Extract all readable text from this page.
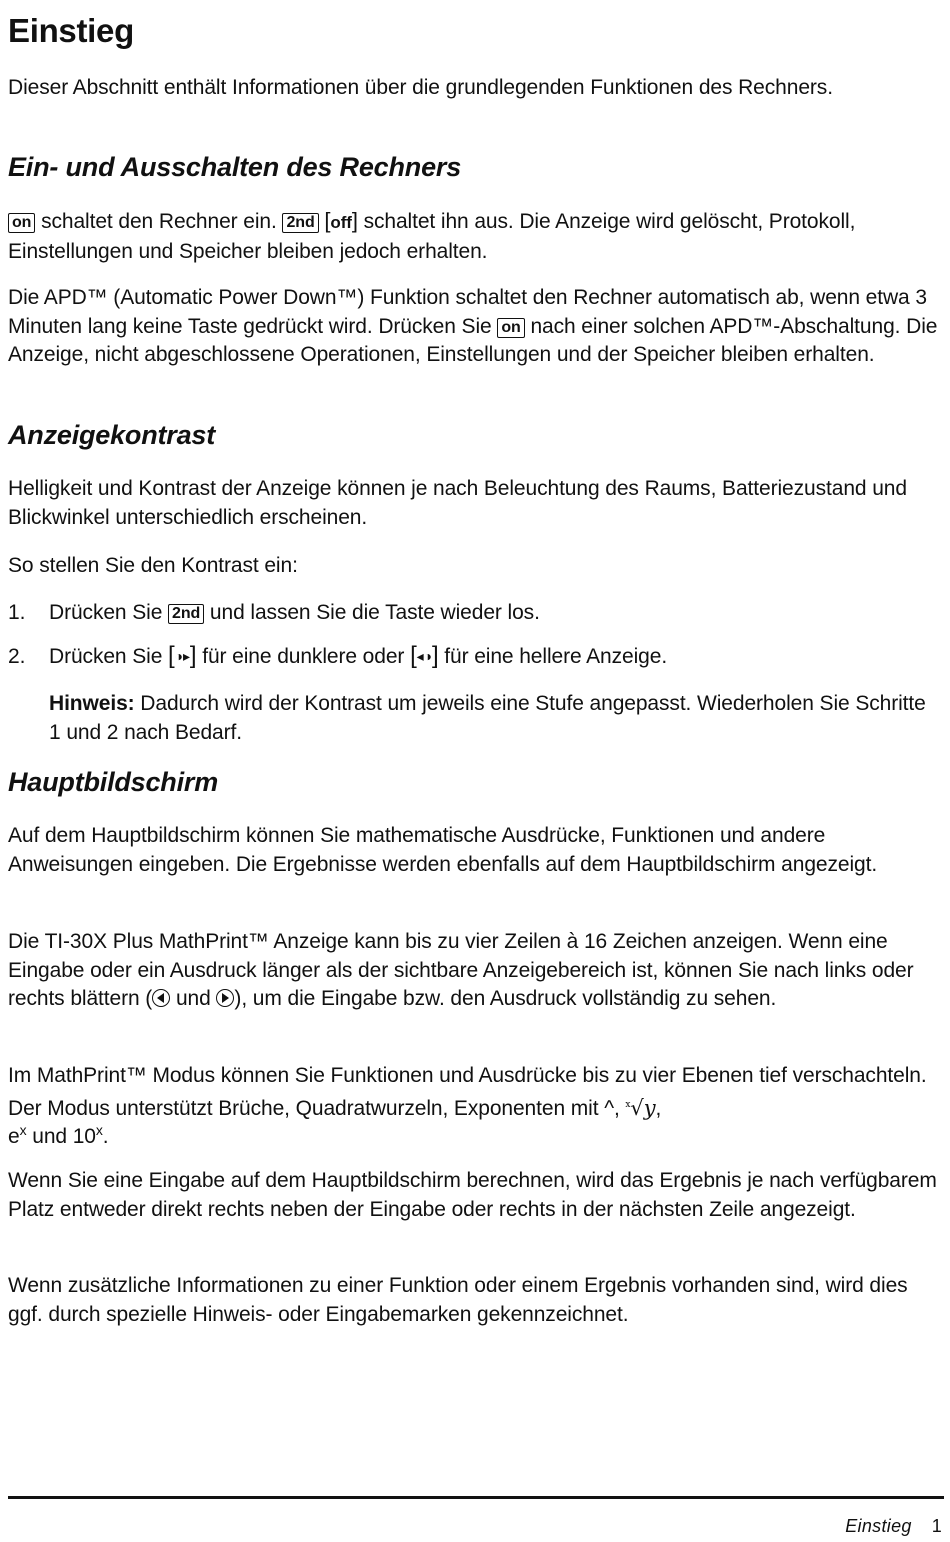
Einstieg

Dieser Abschnitt enthält Informationen über die grundlegenden Funktionen des Rechners.

Ein- und Ausschalten des Rechners

on schaltet den Rechner ein. 2nd [ off ] schaltet ihn aus. Die Anzeige wird gelöscht, Protokoll, Einstellungen und Speicher bleiben jedoch erhalten.

Die APD™ (Automatic Power Down™) Funktion schaltet den Rechner automatisch ab, wenn etwa 3 Minuten lang keine Taste gedrückt wird. Drücken Sie on nach einer solchen APD™-Abschaltung. Die Anzeige, nicht abgeschlossene Operationen, Einstellungen und der Speicher bleiben erhalten.

Anzeigekontrast

Helligkeit und Kontrast der Anzeige können je nach Beleuchtung des Raums, Batteriezustand und Blickwinkel unterschiedlich erscheinen.

So stellen Sie den Kontrast ein:

1. Drücken Sie 2nd und lassen Sie die Taste wieder los.
2. Drücken Sie [◑▸] für eine dunklere oder [◂◑] für eine hellere Anzeige.
Hinweis: Dadurch wird der Kontrast um jeweils eine Stufe angepasst. Wiederholen Sie Schritte 1 und 2 nach Bedarf.
Hauptbildschirm

Auf dem Hauptbildschirm können Sie mathematische Ausdrücke, Funktionen und andere Anweisungen eingeben. Die Ergebnisse werden ebenfalls auf dem Hauptbildschirm angezeigt.

Die TI-30X Plus MathPrint™ Anzeige kann bis zu vier Zeilen à 16 Zeichen anzeigen. Wenn eine Eingabe oder ein Ausdruck länger als der sichtbare Anzeigebereich ist, können Sie nach links oder rechts blättern ( und ), um die Eingabe bzw. den Ausdruck vollständig zu sehen.

Im MathPrint™ Modus können Sie Funktionen und Ausdrücke bis zu vier Ebenen tief verschachteln. Der Modus unterstützt Brüche, Quadratwurzeln, Exponenten mit ^, $^x$√y,
$e^x$ und 10$^x$.

Wenn Sie eine Eingabe auf dem Hauptbildschirm berechnen, wird das Ergebnis je nach verfügbarem Platz entweder direkt rechts neben der Eingabe oder rechts in der nächsten Zeile angezeigt.

Wenn zusätzliche Informationen zu einer Funktion oder einem Ergebnis vorhanden sind, wird dies ggf. durch spezielle Hinweis- oder Eingabemarken gekennzeichnet.

Einstieg 1
